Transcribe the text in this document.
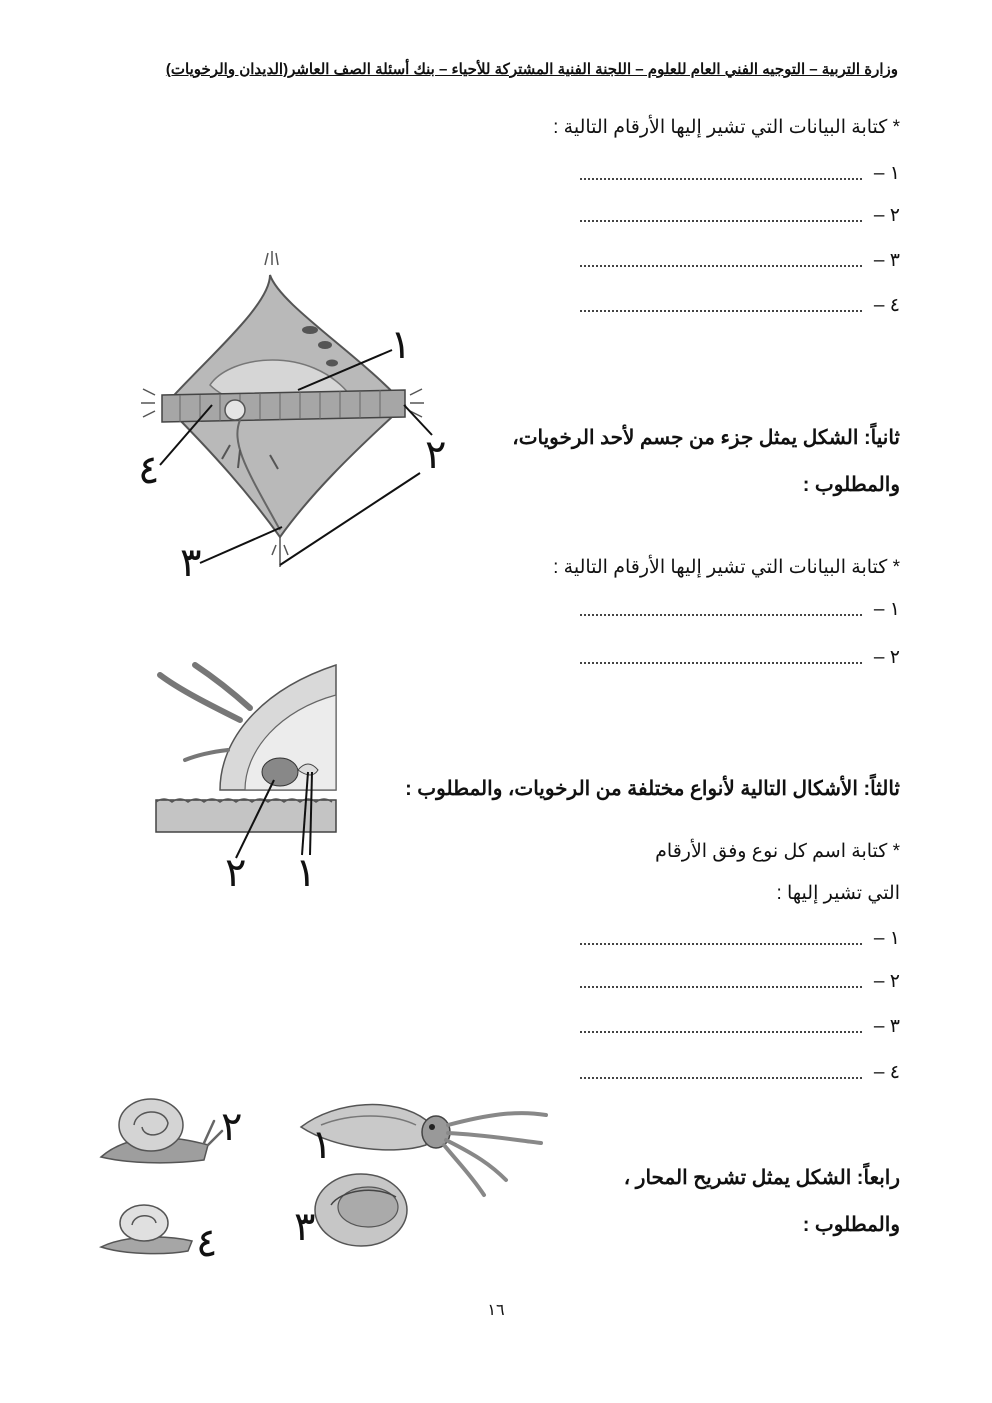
وزارة التربية – التوجيه الفني العام للعلوم – اللجنة الفنية المشتركة للأحياء – بنك أسئلة الصف العاشر(الديدان والرخويات)
* كتابة البيانات التي تشير إليها الأرقام التالية :
١ –
٢ –
٣ –
٤ –
١
٢
٣
٤
ثانياً: الشكل يمثل جزء من جسم لأحد الرخويات،
والمطلوب :
* كتابة البيانات التي تشير إليها الأرقام التالية :
١ –
٢ –
١
٢
ثالثاً: الأشكال التالية لأنواع مختلفة من الرخويات، والمطلوب :
* كتابة اسم كل نوع وفق الأرقام
التي تشير إليها :
١ –
٢ –
٣ –
٤ –
١
٢
٣
٤
رابعاً: الشكل يمثل تشريح المحار ،
والمطلوب :
١٦
